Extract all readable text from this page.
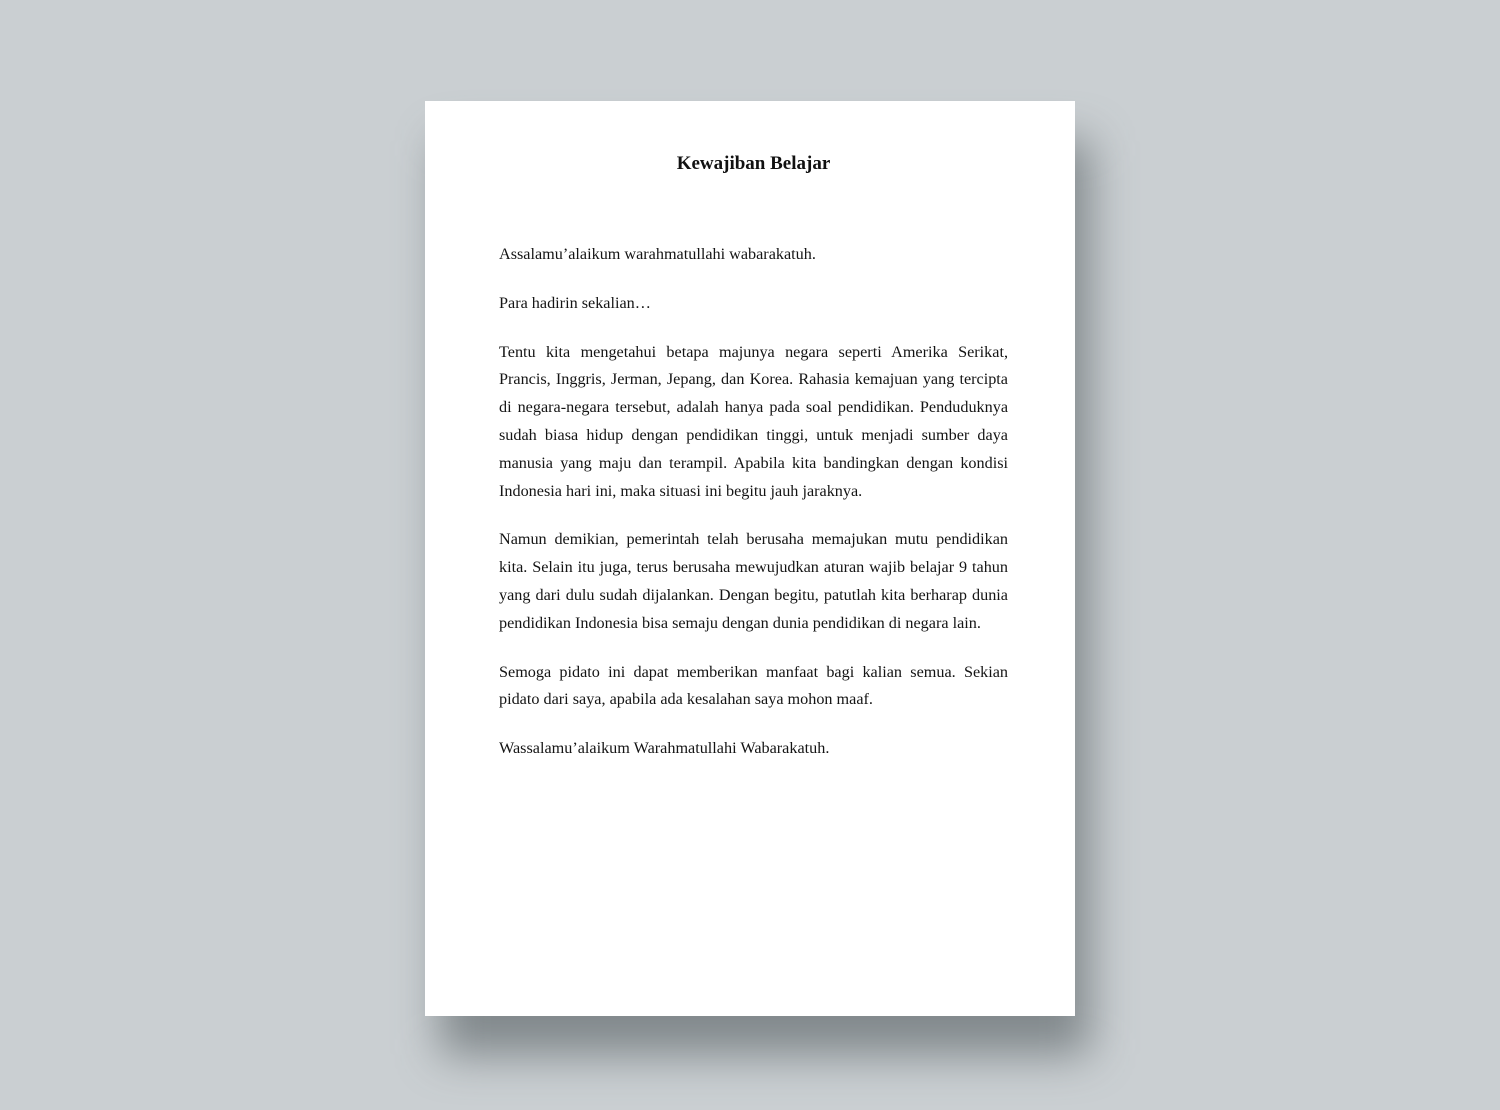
Kewajiban Belajar

Assalamu’alaikum warahmatullahi wabarakatuh.

Para hadirin sekalian…

Tentu kita mengetahui betapa majunya negara seperti Amerika Serikat, Prancis, Inggris, Jerman, Jepang, dan Korea. Rahasia kemajuan yang tercipta di negara-negara tersebut, adalah hanya pada soal pendidikan. Penduduknya sudah biasa hidup dengan pendidikan tinggi, untuk menjadi sumber daya manusia yang maju dan terampil. Apabila kita bandingkan dengan kondisi Indonesia hari ini, maka situasi ini begitu jauh jaraknya.

Namun demikian, pemerintah telah berusaha memajukan mutu pendidikan kita. Selain itu juga, terus berusaha mewujudkan aturan wajib belajar 9 tahun yang dari dulu sudah dijalankan. Dengan begitu, patutlah kita berharap dunia pendidikan Indonesia bisa semaju dengan dunia pendidikan di negara lain.

Semoga pidato ini dapat memberikan manfaat bagi kalian semua. Sekian pidato dari saya, apabila ada kesalahan saya mohon maaf.

Wassalamu’alaikum Warahmatullahi Wabarakatuh.
